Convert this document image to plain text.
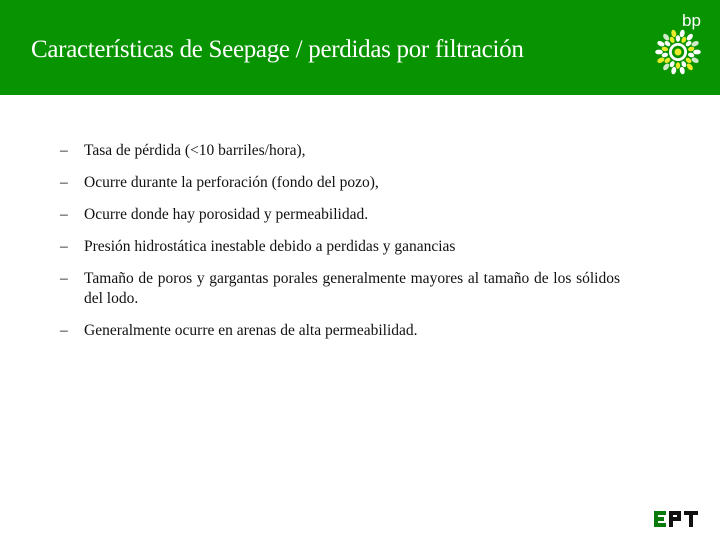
Características de Seepage / perdidas por filtración
bp
–	Tasa de pérdida (<10 barriles/hora),
–	Ocurre durante la perforación (fondo del pozo),
–	Ocurre donde hay porosidad y permeabilidad.
–	Presión hidrostática inestable debido a perdidas y ganancias
–	Tamaño de poros y gargantas porales generalmente mayores al tamaño de los sólidos del lodo.
–	Generalmente ocurre en arenas de alta permeabilidad.
